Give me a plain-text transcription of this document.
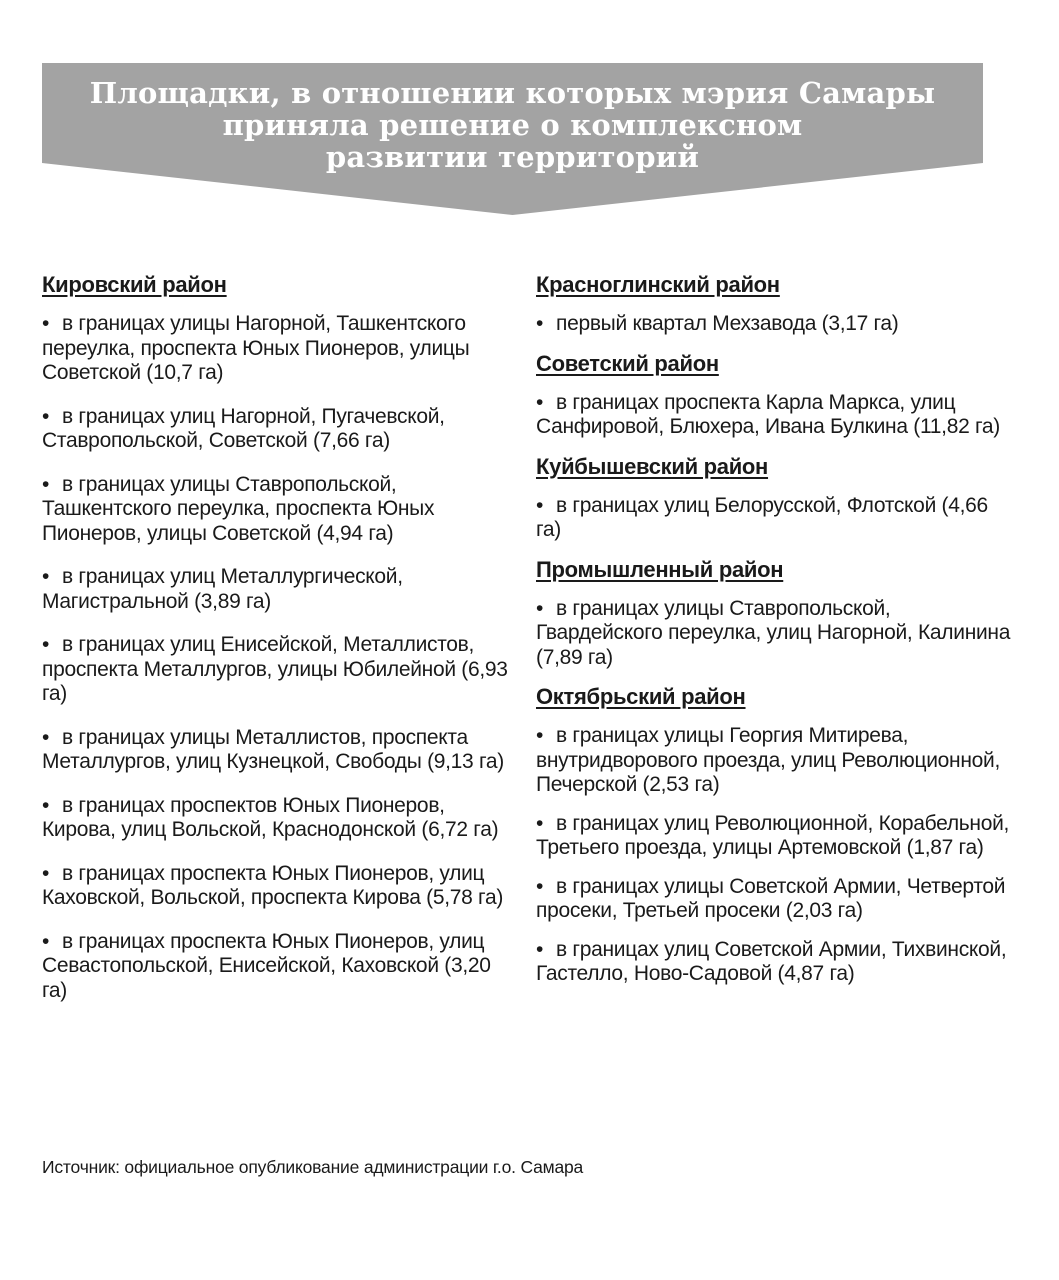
Площадки, в отношении которых мэрия Самары
приняла решение о комплексном
развитии территорий
Кировский район
• в границах улицы Нагорной, Ташкентского переулка, проспекта Юных Пионеров, улицы Советской (10,7 га)
• в границах улиц Нагорной, Пугачевской, Ставропольской, Советской (7,66 га)
• в границах улицы Ставропольской, Ташкентского переулка, проспекта Юных Пионеров, улицы Советской (4,94 га)
• в границах улиц Металлургической, Магистральной (3,89 га)
• в границах улиц Енисейской, Металлистов, проспекта Металлургов, улицы Юбилейной (6,93 га)
• в границах улицы Металлистов, проспекта Металлургов, улиц Кузнецкой, Свободы (9,13 га)
• в границах проспектов Юных Пионеров, Кирова, улиц Вольской, Краснодонской (6,72 га)
• в границах проспекта Юных Пионеров, улиц Каховской, Вольской, проспекта Кирова (5,78 га)
• в границах проспекта Юных Пионеров, улиц Севастопольской, Енисейской, Каховской (3,20 га)
Красноглинский район
• первый квартал Мехзавода (3,17 га)
Советский район
• в границах проспекта Карла Маркса, улиц Санфировой, Блюхера, Ивана Булкина (11,82 га)
Куйбышевский район
• в границах улиц Белорусской, Флотской (4,66 га)
Промышленный район
• в границах улицы Ставропольской, Гвардейского переулка, улиц Нагорной, Калинина (7,89 га)
Октябрьский район
• в границах улицы Георгия Митирева, внутридворового проезда, улиц Революционной, Печерской (2,53 га)
• в границах улиц Революционной, Корабельной, Третьего проезда, улицы Артемовской (1,87 га)
• в границах улицы Советской Армии, Четвертой просеки, Третьей просеки (2,03 га)
• в границах улиц Советской Армии, Тихвинской, Гастелло, Ново-Садовой (4,87 га)

Источник: официальное опубликование администрации г.о. Самара
